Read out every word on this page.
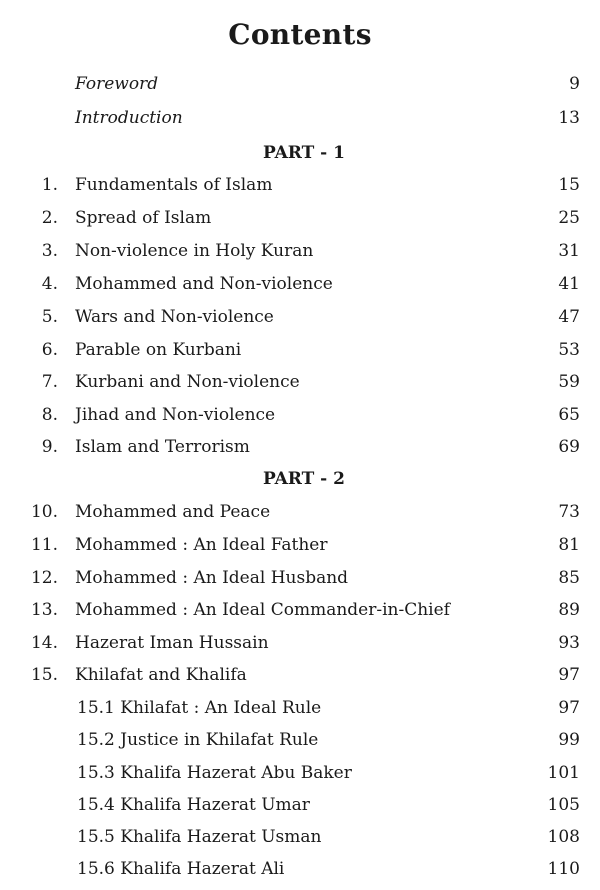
Contents
Foreword	9
Introduction	13
PART - 1
1. Fundamentals of Islam	15
2. Spread of Islam	25
3. Non-violence in Holy Kuran	31
4. Mohammed and Non-violence	41
5. Wars and Non-violence	47
6. Parable on Kurbani	53
7. Kurbani and Non-violence	59
8. Jihad and Non-violence	65
9. Islam and Terrorism	69
PART - 2
10. Mohammed and Peace	73
11. Mohammed : An Ideal Father	81
12. Mohammed : An Ideal Husband	85
13. Mohammed : An Ideal Commander-in-Chief	89
14. Hazerat Iman Hussain	93
15. Khilafat and Khalifa	97
15.1 Khilafat : An Ideal Rule	97
15.2 Justice in Khilafat Rule	99
15.3 Khalifa Hazerat Abu Baker	101
15.4 Khalifa Hazerat Umar	105
15.5 Khalifa Hazerat Usman	108
15.6 Khalifa Hazerat Ali	110
